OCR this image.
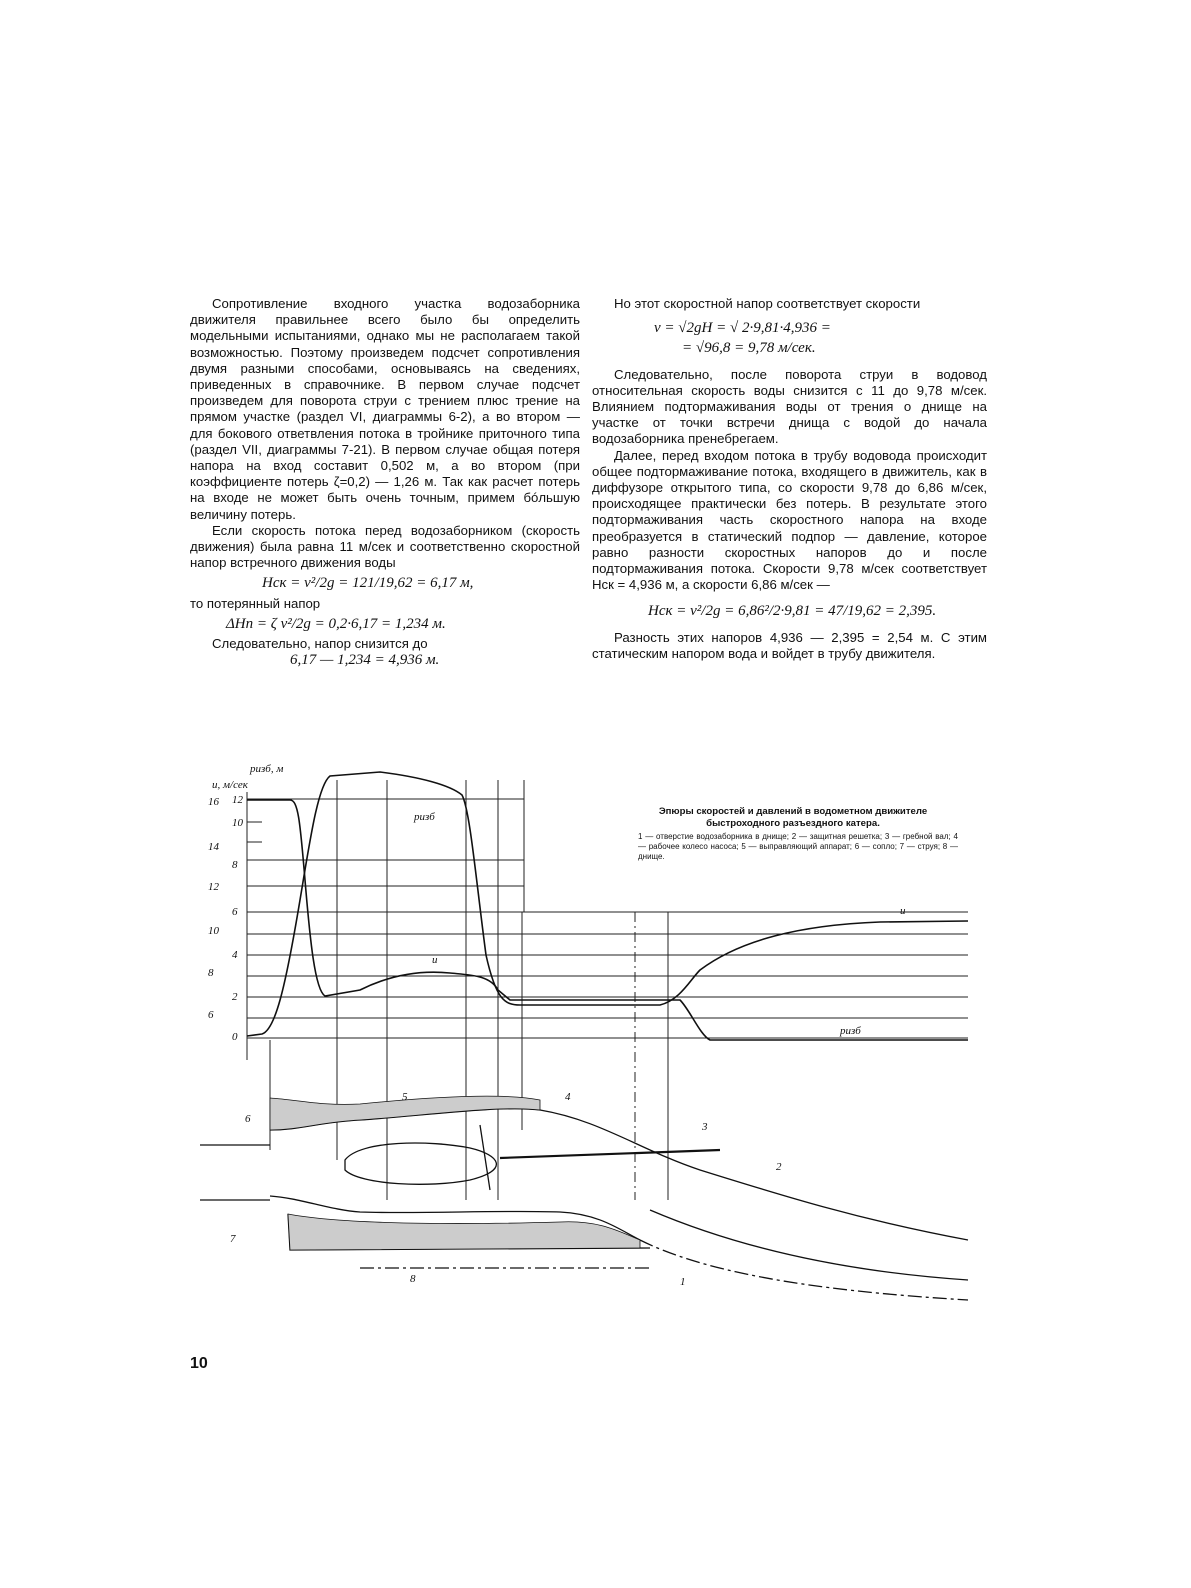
Сопротивление входного участка водозаборника движителя правильнее всего было бы определить модельными испытаниями, однако мы не располагаем такой возможностью. Поэтому произведем подсчет сопротивления двумя разными способами, основываясь на сведениях, приведенных в справочнике. В первом случае подсчет произведем для поворота струи с трением плюс трение на прямом участке (раздел VI, диаграммы 6-2), а во втором — для бокового ответвления потока в тройнике приточного типа (раздел VII, диаграммы 7-21). В первом случае общая потеря напора на вход составит 0,502 м, а во втором (при коэффициенте потерь ζ=0,2) — 1,26 м. Так как расчет потерь на входе не может быть очень точным, примем бóльшую величину потерь.

Если скорость потока перед водозаборником (скорость движения) была равна 11 м/сек и соответственно скоростной напор встречного движения воды

Hск = v²/2g = 121/19,62 = 6,17 м,

то потерянный напор

ΔHп = ζ v²/2g = 0,2·6,17 = 1,234 м.

Следовательно, напор снизится до

6,17 — 1,234 = 4,936 м.

Но этот скоростной напор соответствует скорости

v = √2gH = √ 2·9,81·4,936 =
= √96,8 = 9,78 м/сек.

Следовательно, после поворота струи в водовод относительная скорость воды снизится с 11 до 9,78 м/сек. Влиянием подтормаживания воды от трения о днище на участке от точки встречи днища с водой до начала водозаборника пренебрегаем.

Далее, перед входом потока в трубу водовода происходит общее подтормаживание потока, входящего в движитель, как в диффузоре открытого типа, со скорости 9,78 до 6,86 м/сек, происходящее практически без потерь. В результате этого подтормаживания часть скоростного напора на входе преобразуется в статический подпор — давление, которое равно разности скоростных напоров до и после подтормаживания потока. Скорости 9,78 м/сек соответствует Hск = 4,936 м, а скорости 6,86 м/сек —

Hск = v²/2g = 6,86²/2·9,81 = 47/19,62 = 2,395.

Разность этих напоров 4,936 — 2,395 = 2,54 м. С этим статическим напором вода и войдет в трубу движителя.

Эпюры скоростей и давлений в водометном движителе быстроходного разъездного катера.
1 — отверстие водозаборника в днище; 2 — защитная решетка; 3 — гребной вал; 4 — рабочее колесо насоса; 5 — выправляющий аппарат; 6 — сопло; 7 — струя; 8 — днище.
u, м/сек
pизб, м
16
14
12
10
8
6
12
10
8
6
4
2
0
pизб
u
pизб
u
1
2
3
4
5
6
7
8
10
